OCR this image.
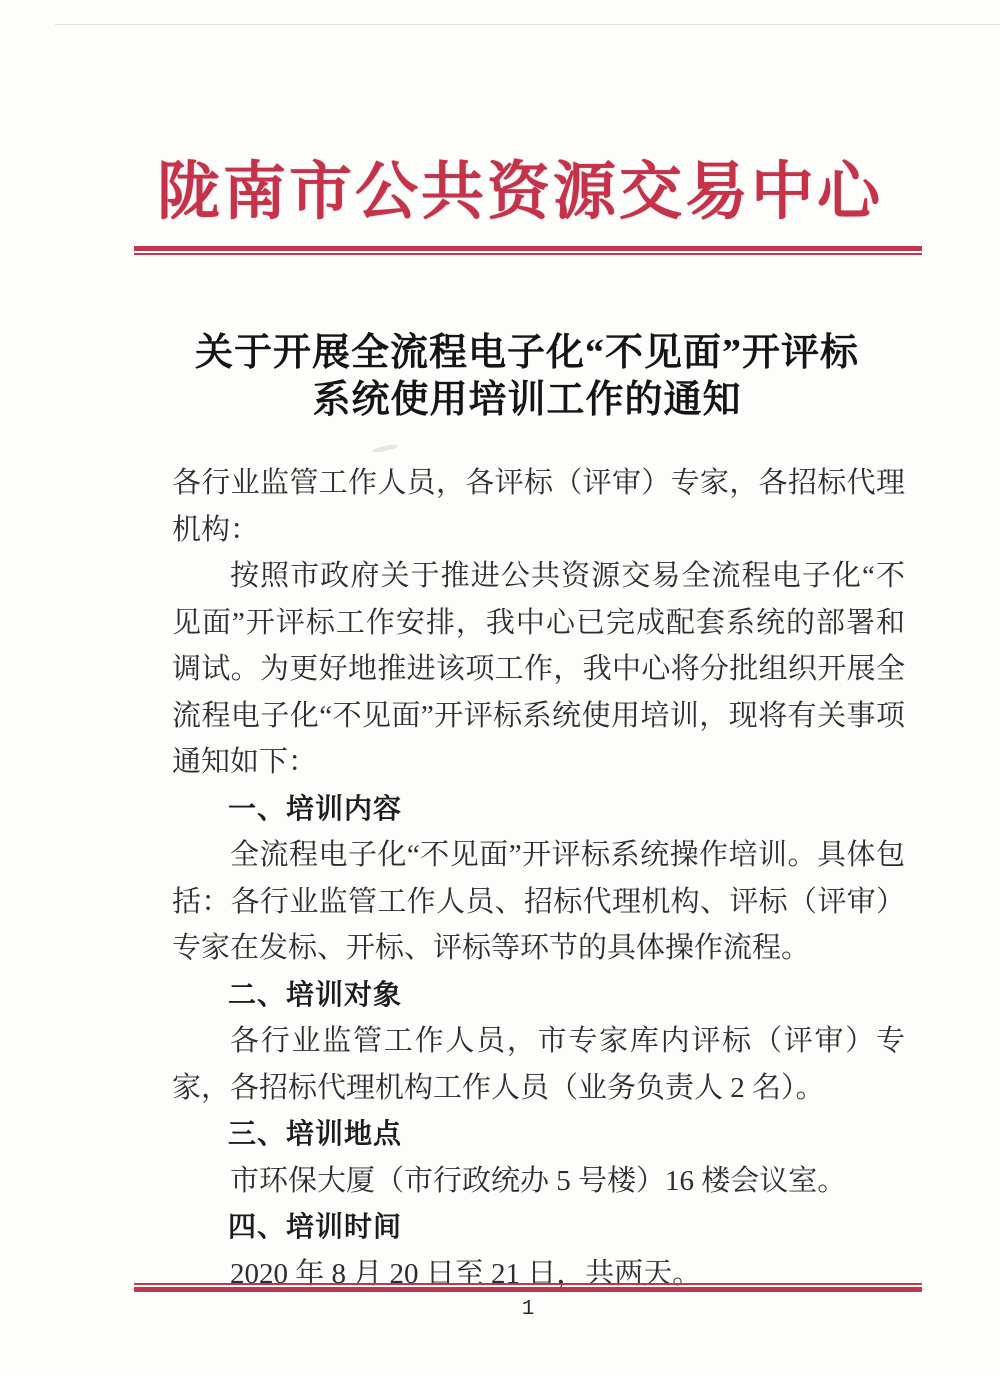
陇南市公共资源交易中心
关于开展全流程电子化“不见面”开评标
系统使用培训工作的通知

各行业监管工作人员，各评标（评审）专家，各招标代理机构：

按照市政府关于推进公共资源交易全流程电子化“不见面”开评标工作安排，我中心已完成配套系统的部署和调试。为更好地推进该项工作，我中心将分批组织开展全流程电子化“不见面”开评标系统使用培训，现将有关事项通知如下：

一、培训内容

全流程电子化“不见面”开评标系统操作培训。具体包括：各行业监管工作人员、招标代理机构、评标（评审）专家在发标、开标、评标等环节的具体操作流程。

二、培训对象

各行业监管工作人员，市专家库内评标（评审）专家，各招标代理机构工作人员（业务负责人 2 名）。

三、培训地点

市环保大厦（市行政统办 5 号楼）16 楼会议室。

四、培训时间

2020 年 8 月 20 日至 21 日，共两天。

1
